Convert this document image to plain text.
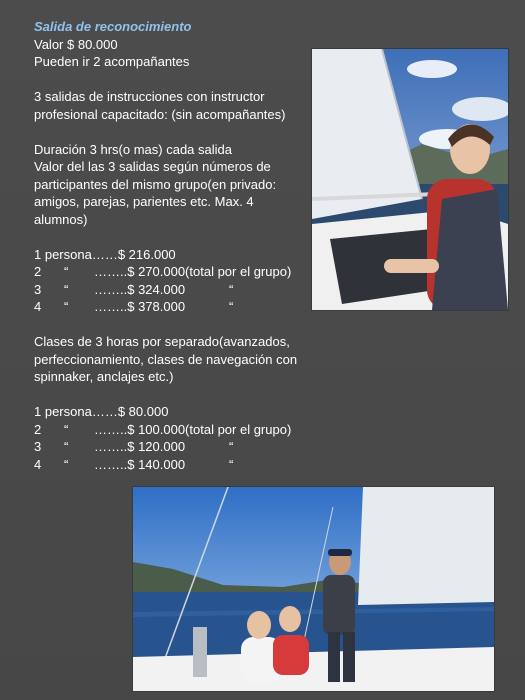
Salida de reconocimiento
Valor $ 80.000
Pueden ir 2 acompañantes
3 salidas de instrucciones con instructor
profesional capacitado: (sin acompañantes)
Duración 3 hrs(o mas) cada salida
Valor del las 3 salidas según números de
participantes del mismo grupo(en privado:
amigos, parejas, parientes etc. Max. 4
alumnos)
1 persona……$ 216.000
2 “ ……..$ 270.000(total por el grupo)
3 “ ……..$ 324.000	“
4 “ ……..$ 378.000	“
Clases de 3 horas por separado(avanzados,
perfeccionamiento, clases de navegación con
spinnaker, anclajes etc.)
1 persona……$ 80.000
2 “ ……..$ 100.000(total por el grupo)
3 “ ……..$ 120.000	“
4 “ ……..$ 140.000	“
